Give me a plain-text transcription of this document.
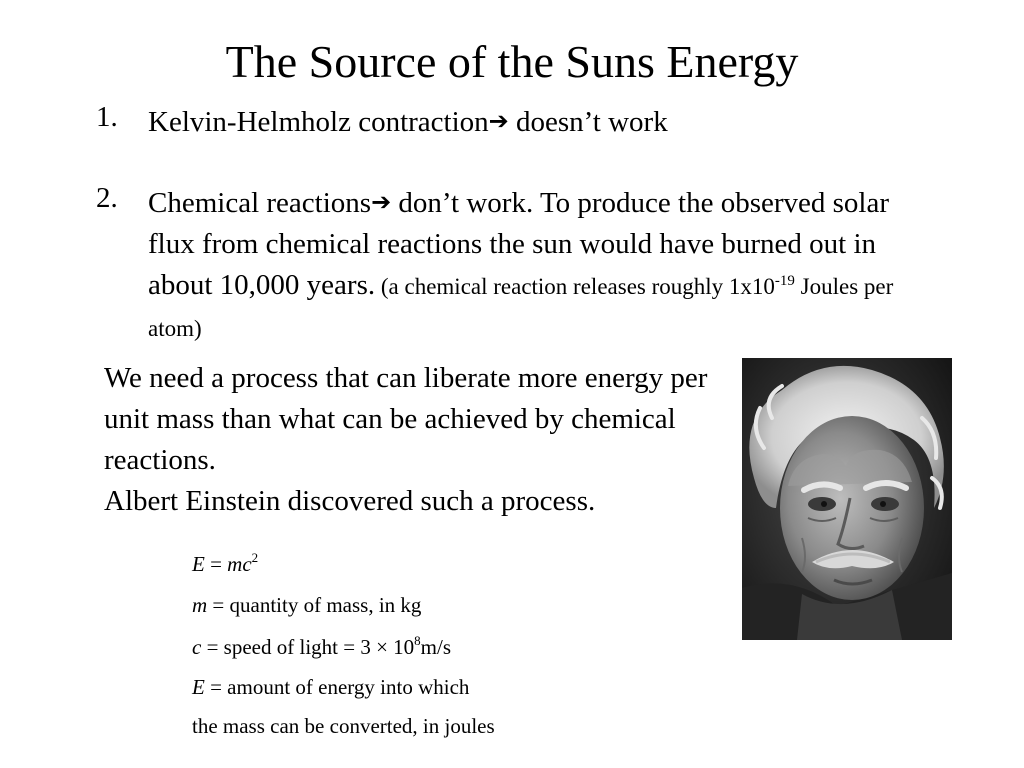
The Source of the Suns Energy
1. Kelvin-Helmholz contraction➔ doesn’t work
2. Chemical reactions➔ don’t work. To produce the observed solar flux from chemical reactions the sun would have burned out in about 10,000 years. (a chemical reaction releases roughly $1x10^{-19}$ Joules per atom)
We need a process that can liberate more energy per unit mass than what can be achieved by chemical reactions.
Albert Einstein discovered such a process.
$E = mc^2$
m = quantity of mass, in kg
c = speed of light = $3 \times 10^8m/s$
E = amount of energy into which
the mass can be converted, in joules
